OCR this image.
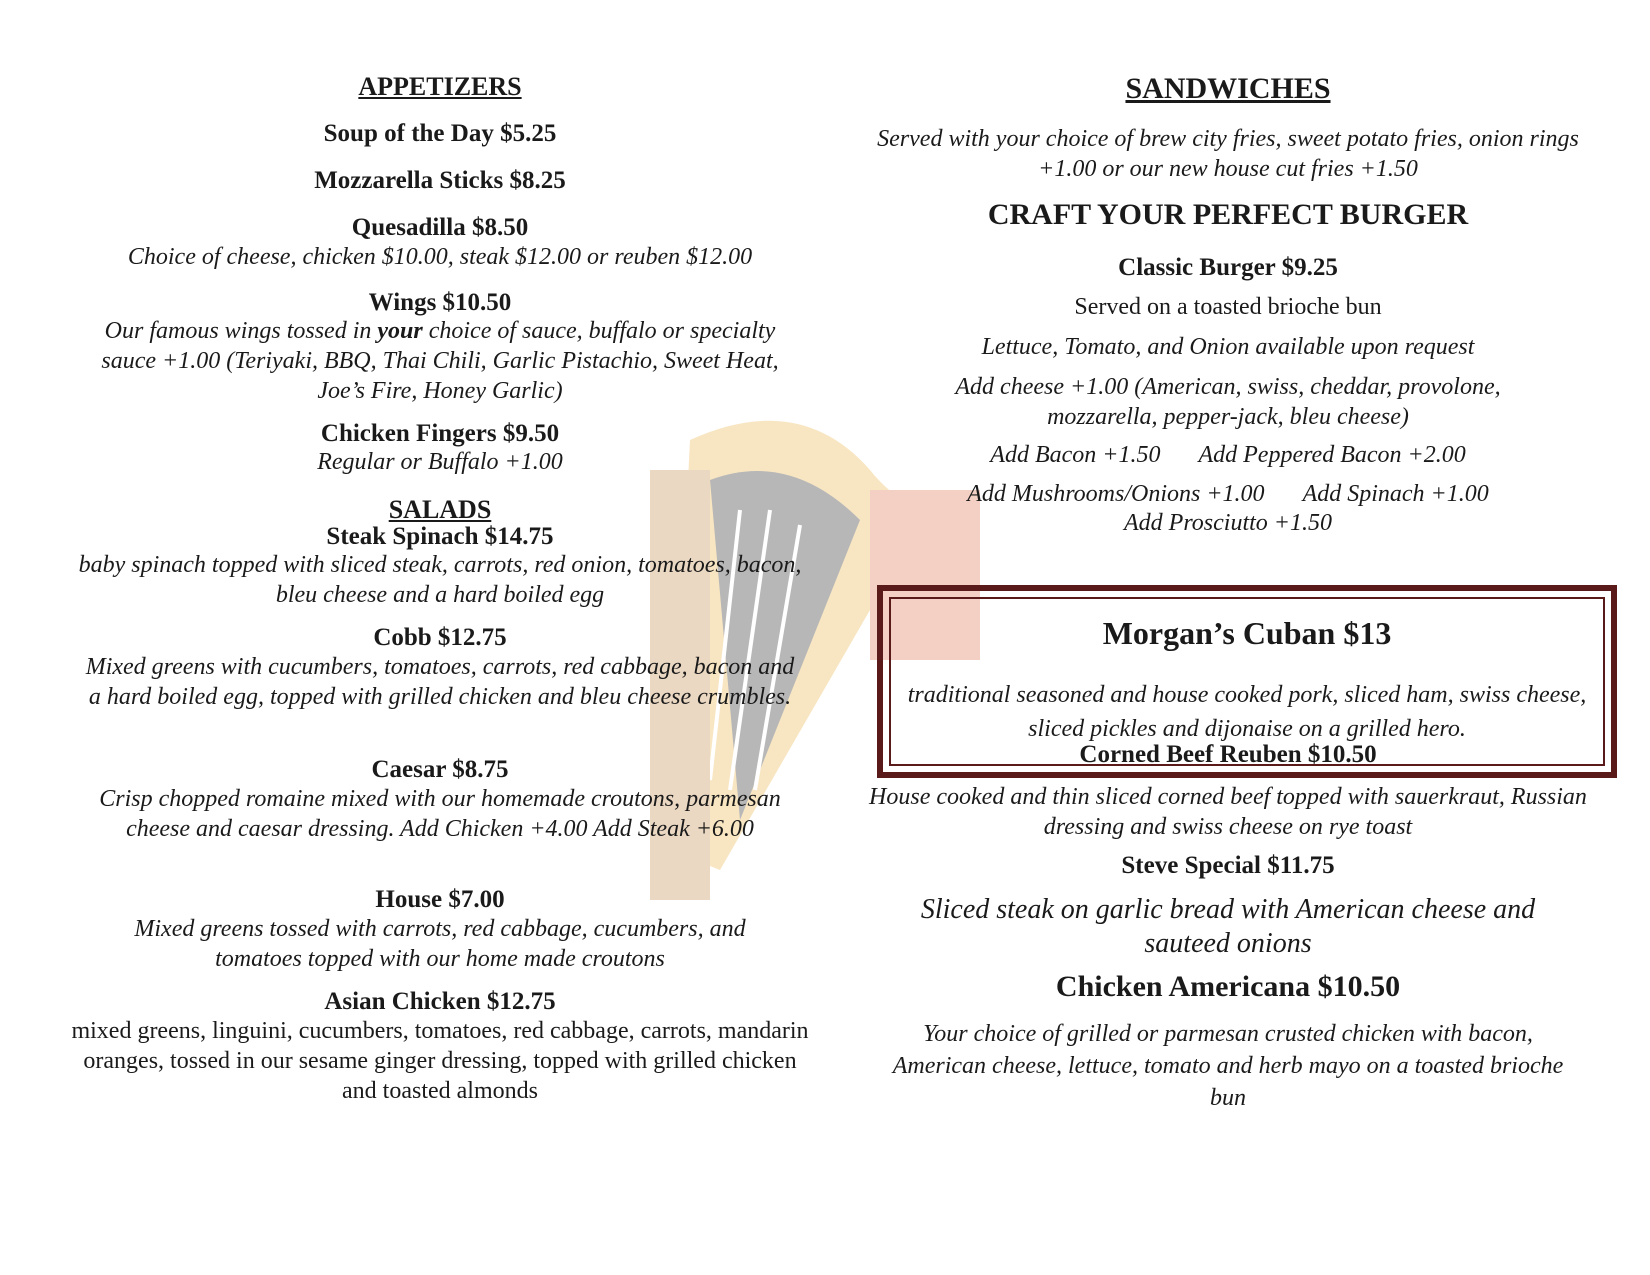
APPETIZERS
Soup of the Day $5.25
Mozzarella Sticks $8.25
Quesadilla $8.50
Choice of cheese, chicken $10.00, steak $12.00 or reuben $12.00
Wings $10.50
Our famous wings tossed in your choice of sauce, buffalo or specialty sauce +1.00 (Teriyaki, BBQ, Thai Chili, Garlic Pistachio, Sweet Heat, Joe’s Fire, Honey Garlic)
Chicken Fingers $9.50
Regular or Buffalo +1.00
SALADS
Steak Spinach $14.75
baby spinach topped with sliced steak, carrots, red onion, tomatoes, bacon, bleu cheese and a hard boiled egg
Cobb $12.75
Mixed greens with cucumbers, tomatoes, carrots, red cabbage, bacon and a hard boiled egg, topped with grilled chicken and bleu cheese crumbles.
Caesar $8.75
Crisp chopped romaine mixed with our homemade croutons, parmesan cheese and caesar dressing. Add Chicken +4.00 Add Steak +6.00
House $7.00
Mixed greens tossed with carrots, red cabbage, cucumbers, and tomatoes topped with our home made croutons
Asian Chicken $12.75
mixed greens, linguini, cucumbers, tomatoes, red cabbage, carrots, mandarin oranges, tossed in our sesame ginger dressing, topped with grilled chicken and toasted almonds
SANDWICHES
Served with your choice of brew city fries, sweet potato fries, onion rings +1.00 or our new house cut fries +1.50
CRAFT YOUR PERFECT BURGER
Classic Burger $9.25
Served on a toasted brioche bun
Lettuce, Tomato, and Onion available upon request
Add cheese +1.00 (American, swiss, cheddar, provolone, mozzarella, pepper-jack, bleu cheese)
Add Bacon +1.50 Add Peppered Bacon +2.00
Add Mushrooms/Onions +1.00 Add Spinach +1.00
Add Prosciutto +1.50
Corned Beef Reuben $10.50
House cooked and thin sliced corned beef topped with sauerkraut, Russian dressing and swiss cheese on rye toast
Steve Special $11.75
Sliced steak on garlic bread with American cheese and sauteed onions
Chicken Americana $10.50
Your choice of grilled or parmesan crusted chicken with bacon, American cheese, lettuce, tomato and herb mayo on a toasted brioche bun
Morgan’s Cuban $13
traditional seasoned and house cooked pork, sliced ham, swiss cheese, sliced pickles and dijonaise on a grilled hero.
